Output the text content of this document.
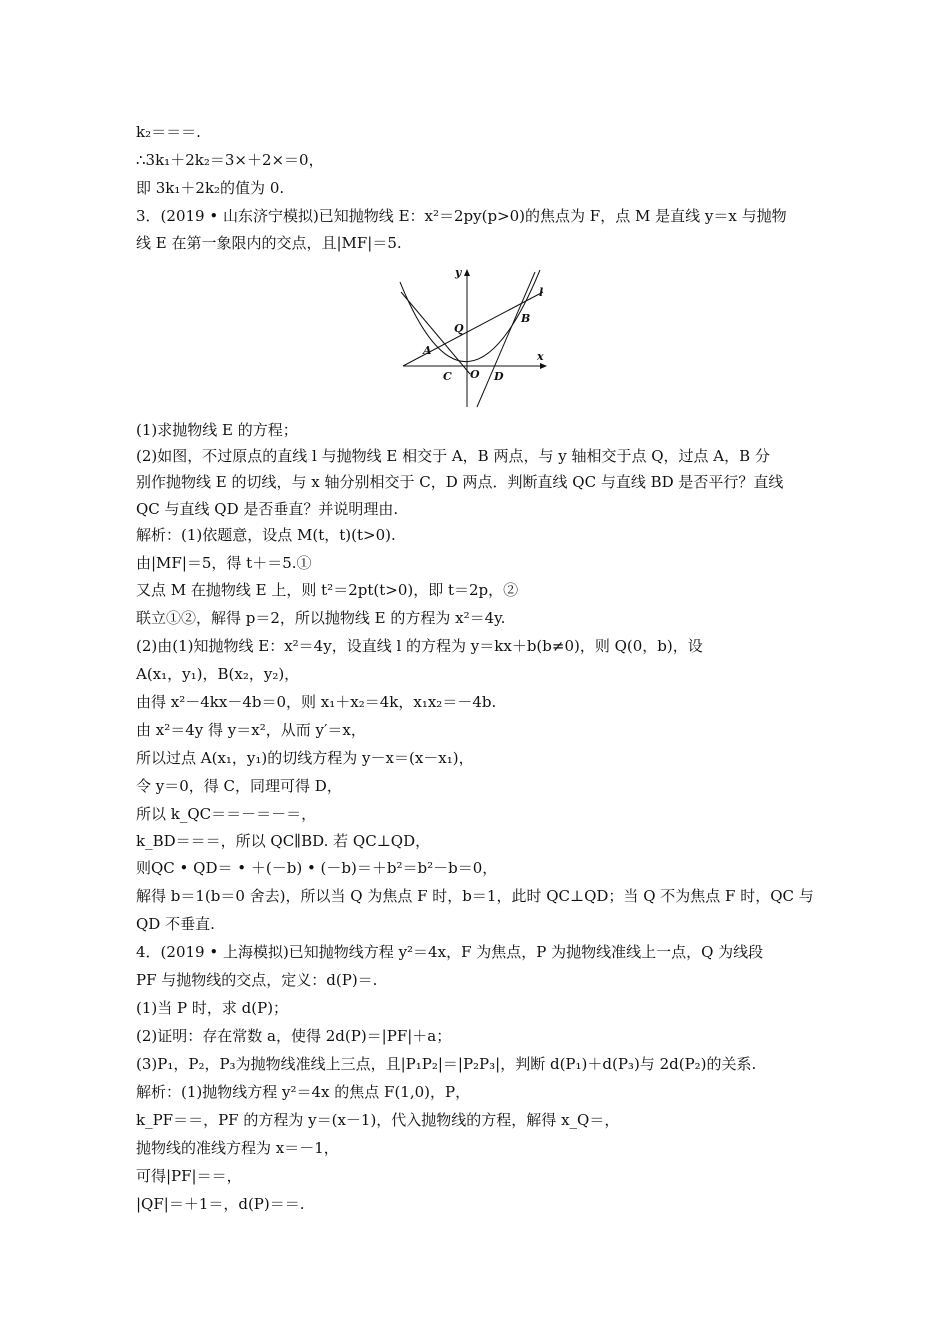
k₂＝＝＝.
∴3k₁＋2k₂＝3×＋2×＝0，
即 3k₁＋2k₂的值为 0.
3．(2019 • 山东济宁模拟)已知抛物线 E：x²＝2py(p>0)的焦点为 F，点 M 是直线 y＝x 与抛物
线 E 在第一象限内的交点，且|MF|＝5.
y
x
l
A
B
Q
C O D
(1)求抛物线 E 的方程；
(2)如图，不过原点的直线 l 与抛物线 E 相交于 A，B 两点，与 y 轴相交于点 Q，过点 A，B 分
别作抛物线 E 的切线，与 x 轴分别相交于 C，D 两点．判断直线 QC 与直线 BD 是否平行？直线
QC 与直线 QD 是否垂直？并说明理由.
解析：(1)依题意，设点 M(t，t)(t>0).
由|MF|＝5，得 t＋＝5.①
又点 M 在抛物线 E 上，则 t²＝2pt(t>0)，即 t＝2p，②
联立①②，解得 p＝2，所以抛物线 E 的方程为 x²＝4y.
(2)由(1)知抛物线 E：x²＝4y，设直线 l 的方程为 y＝kx＋b(b≠0)，则 Q(0，b)，设
A(x₁，y₁)，B(x₂，y₂)，
由得 x²－4kx－4b＝0，则 x₁＋x₂＝4k，x₁x₂＝－4b.
由 x²＝4y 得 y＝x²，从而 y′＝x，
所以过点 A(x₁，y₁)的切线方程为 y－x＝(x－x₁)，
令 y＝0，得 C，同理可得 D，
所以 k_QC＝＝－＝－＝，
k_BD＝＝＝，所以 QC∥BD. 若 QC⊥QD，
则QC • QD＝ • ＋(－b) • (－b)＝＋b²＝b²－b＝0，
解得 b＝1(b＝0 舍去)，所以当 Q 为焦点 F 时，b＝1，此时 QC⊥QD；当 Q 不为焦点 F 时，QC 与
QD 不垂直.
4．(2019 • 上海模拟)已知抛物线方程 y²＝4x，F 为焦点，P 为抛物线准线上一点，Q 为线段
PF 与抛物线的交点，定义：d(P)＝.
(1)当 P 时，求 d(P)；
(2)证明：存在常数 a，使得 2d(P)＝|PF|＋a；
(3)P₁，P₂，P₃为抛物线准线上三点，且|P₁P₂|＝|P₂P₃|，判断 d(P₁)＋d(P₃)与 2d(P₂)的关系.
解析：(1)抛物线方程 y²＝4x 的焦点 F(1,0)，P，
k_PF＝＝，PF 的方程为 y＝(x－1)，代入抛物线的方程，解得 x_Q＝，
抛物线的准线方程为 x＝－1，
可得|PF|＝＝，
|QF|＝＋1＝，d(P)＝＝.
